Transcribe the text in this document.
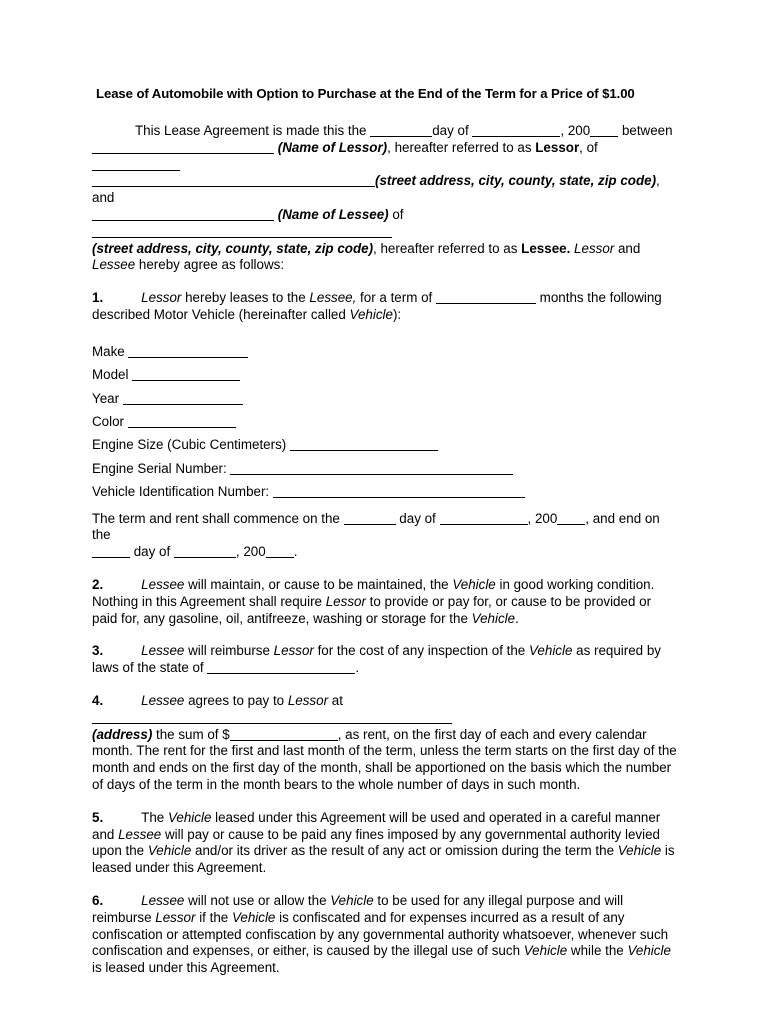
Lease of Automobile with Option to Purchase at the End of the Term for a Price of $1.00
This Lease Agreement is made this the	day of	, 200 between
(Name of Lessor), hereafter referred to as Lessor, of
(street address, city, county, state, zip code), and
(Name of Lessee) of
(street address, city, county, state, zip code), hereafter referred to as Lessee. Lessor and
Lessee hereby agree as follows:
1.	Lessor hereby leases to the Lessee, for a term of	months the following described Motor Vehicle (hereinafter called Vehicle):
Make
Model
Year
Color
Engine Size (Cubic Centimeters)
Engine Serial Number:
Vehicle Identification Number:
The term and rent shall commence on the	day of	, 200 , and end on the
day of	, 200 .
2.	Lessee will maintain, or cause to be maintained, the Vehicle in good working condition. Nothing in this Agreement shall require Lessor to provide or pay for, or cause to be provided or paid for, any gasoline, oil, antifreeze, washing or storage for the Vehicle.
3.	Lessee will reimburse Lessor for the cost of any inspection of the Vehicle as required by laws of the state of	.
4.	Lessee agrees to pay to Lessor at
(address) the sum of $	, as rent, on the first day of each and every calendar month. The rent for the first and last month of the term, unless the term starts on the first day of the month and ends on the first day of the month, shall be apportioned on the basis which the number of days of the term in the month bears to the whole number of days in such month.
5.	The Vehicle leased under this Agreement will be used and operated in a careful manner and Lessee will pay or cause to be paid any fines imposed by any governmental authority levied upon the Vehicle and/or its driver as the result of any act or omission during the term the Vehicle is leased under this Agreement.
6.	Lessee will not use or allow the Vehicle to be used for any illegal purpose and will reimburse Lessor if the Vehicle is confiscated and for expenses incurred as a result of any confiscation or attempted confiscation by any governmental authority whatsoever, whenever such confiscation and expenses, or either, is caused by the illegal use of such Vehicle while the Vehicle is leased under this Agreement.
